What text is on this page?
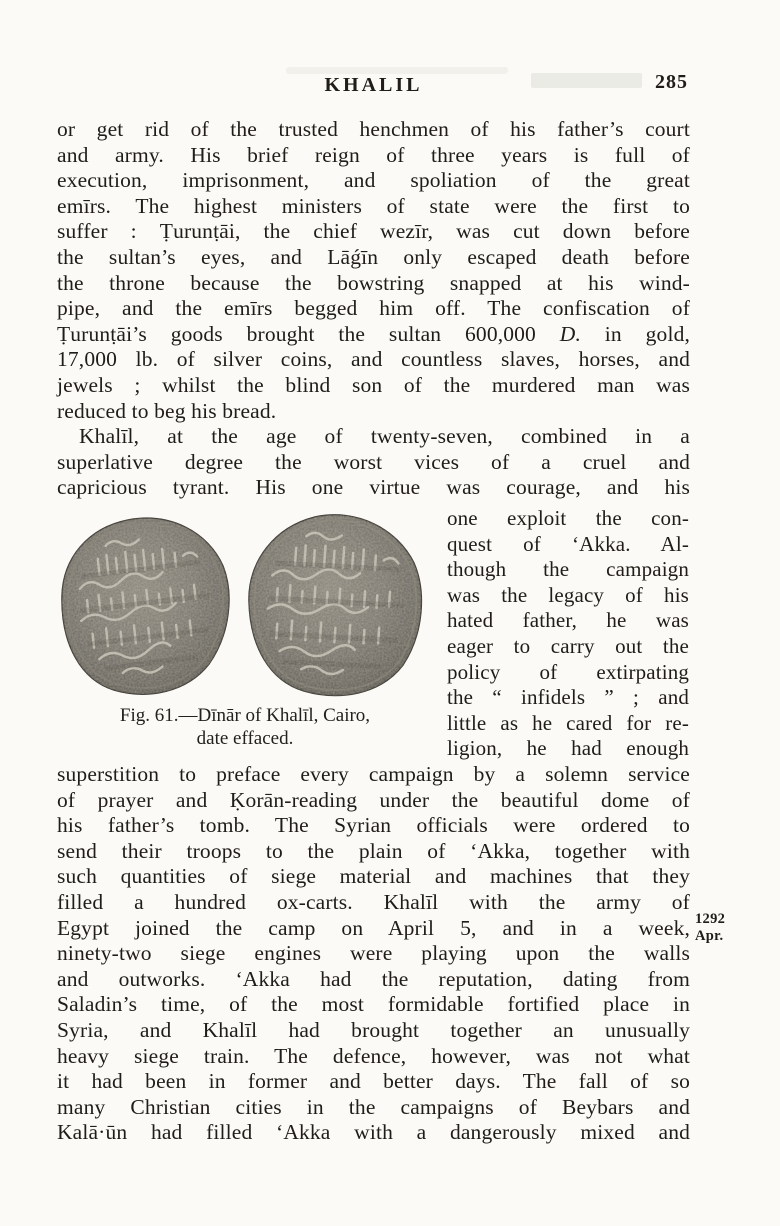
KHALIL	285
or get rid of the trusted henchmen of his father’s court
and army. His brief reign of three years is full of
execution, imprisonment, and spoliation of the great
emīrs. The highest ministers of state were the first to
suffer : Ṭurunṭāi, the chief wezīr, was cut down before
the sultan’s eyes, and Lāǵīn only escaped death before
the throne because the bowstring snapped at his wind-
pipe, and the emīrs begged him off. The confiscation of
Ṭurunṭāi’s goods brought the sultan 600,000 D. in gold,
17,000 lb. of silver coins, and countless slaves, horses, and
jewels ; whilst the blind son of the murdered man was
reduced to beg his bread.
Khalīl, at the age of twenty-seven, combined in a
superlative degree the worst vices of a cruel and
capricious tyrant. His one virtue was courage, and his
one exploit the con-
quest of ‘Akka. Al-
though the campaign
was the legacy of his
hated father, he was
eager to carry out the
policy of extirpating
the “ infidels ” ; and
little as he cared for re-
ligion, he had enough
Fig. 61.—Dīnār of Khalīl, Cairo,
date effaced.
superstition to preface every campaign by a solemn service
of prayer and Ḳorān-reading under the beautiful dome of
his father’s tomb. The Syrian officials were ordered to
send their troops to the plain of ‘Akka, together with
such quantities of siege material and machines that they
filled a hundred ox-carts. Khalīl with the army of
Egypt joined the camp on April 5, and in a week,
ninety-two siege engines were playing upon the walls
and outworks. ‘Akka had the reputation, dating from
Saladin’s time, of the most formidable fortified place in
Syria, and Khalīl had brought together an unusually
heavy siege train. The defence, however, was not what
it had been in former and better days. The fall of so
many Christian cities in the campaigns of Beybars and
Kalā·ūn had filled ‘Akka with a dangerously mixed and
1292
Apr.
